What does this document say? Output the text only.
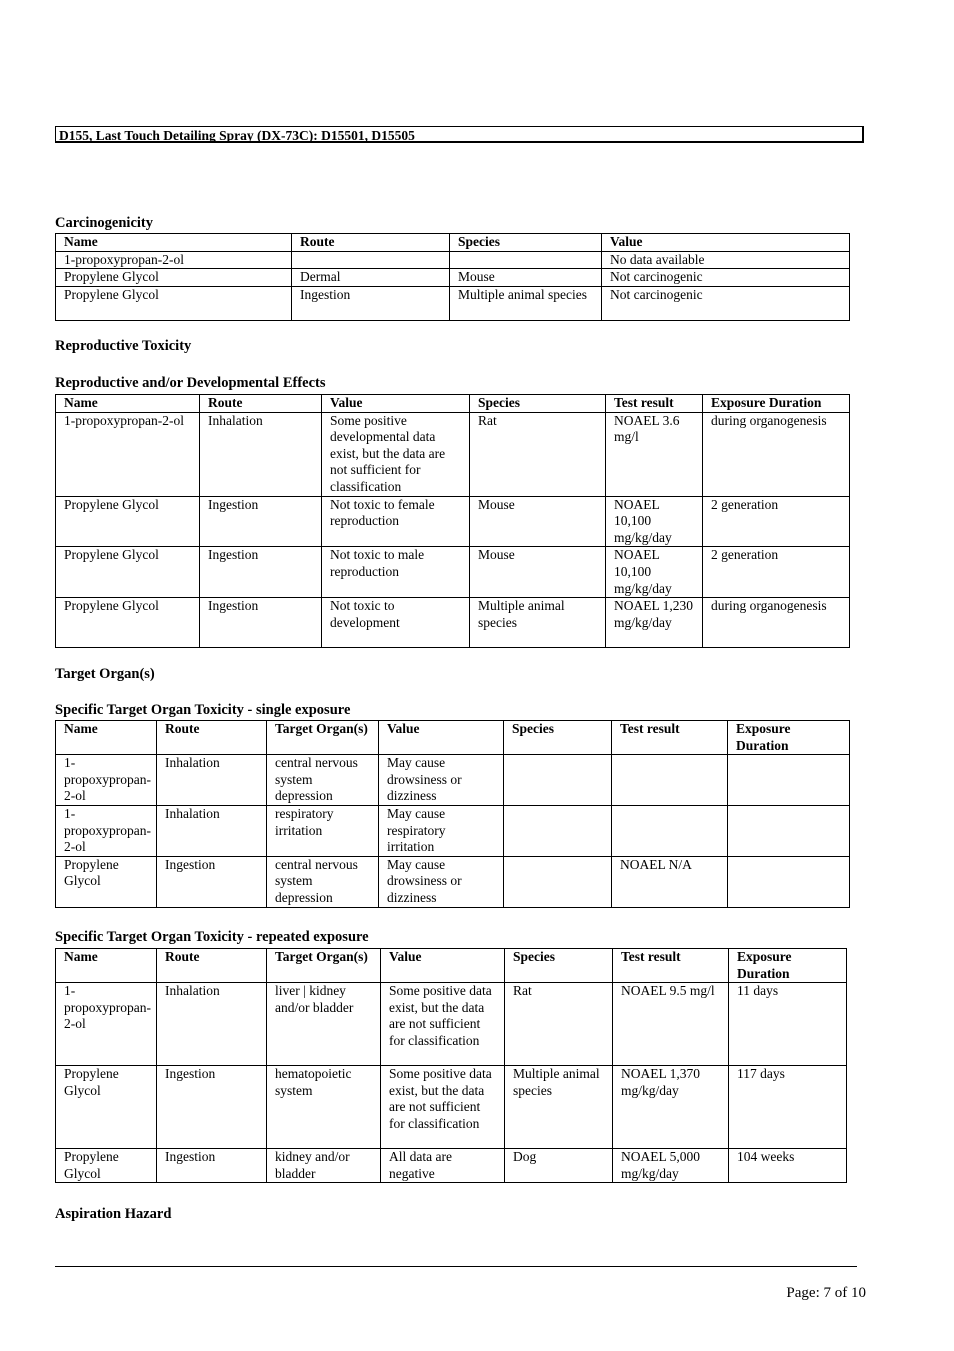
D155, Last Touch Detailing Spray (DX-73C): D15501, D15505
Carcinogenicity
Name	Route	Species	Value
1-propoxypropan-2-ol			No data available
Propylene Glycol	Dermal	Mouse	Not carcinogenic
Propylene Glycol	Ingestion	Multiple animal species	Not carcinogenic
Reproductive Toxicity
Reproductive and/or Developmental Effects
Name	Route	Value	Species	Test result	Exposure Duration
1-propoxypropan-2-ol	Inhalation	Some positive developmental data exist, but the data are not sufficient for classification	Rat	NOAEL 3.6 mg/l	during organogenesis
Propylene Glycol	Ingestion	Not toxic to female reproduction	Mouse	NOAEL 10,100 mg/kg/day	2 generation
Propylene Glycol	Ingestion	Not toxic to male reproduction	Mouse	NOAEL 10,100 mg/kg/day	2 generation
Propylene Glycol	Ingestion	Not toxic to development	Multiple animal species	NOAEL 1,230 mg/kg/day	during organogenesis
Target Organ(s)
Specific Target Organ Toxicity - single exposure
Name	Route	Target Organ(s)	Value	Species	Test result	Exposure Duration
1-propoxypropan-2-ol	Inhalation	central nervous system depression	May cause drowsiness or dizziness			
1-propoxypropan-2-ol	Inhalation	respiratory irritation	May cause respiratory irritation			
Propylene Glycol	Ingestion	central nervous system depression	May cause drowsiness or dizziness		NOAEL N/A	
Specific Target Organ Toxicity - repeated exposure
Name	Route	Target Organ(s)	Value	Species	Test result	Exposure Duration
1-propoxypropan-2-ol	Inhalation	liver | kidney and/or bladder	Some positive data exist, but the data are not sufficient for classification	Rat	NOAEL 9.5 mg/l	11 days
Propylene Glycol	Ingestion	hematopoietic system	Some positive data exist, but the data are not sufficient for classification	Multiple animal species	NOAEL 1,370 mg/kg/day	117 days
Propylene Glycol	Ingestion	kidney and/or bladder	All data are negative	Dog	NOAEL 5,000 mg/kg/day	104 weeks
Aspiration Hazard
Page: 7 of 10
